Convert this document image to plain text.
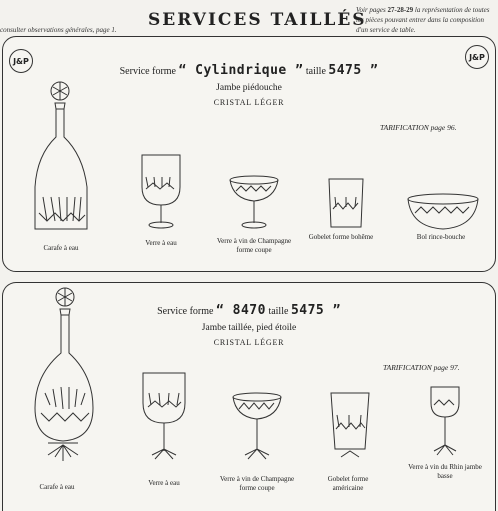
consulter observations générales, page 1. SERVICES TAILLÉS
Voir pages 27-28-29 la représentation de toutes les pièces pouvant entrer dans la composition d'un service de table.
J&P	J&P
Service forme “ Cylindrique ” taille 5475 ”
Jambe piédouche
CRISTAL LÉGER
TARIFICATION page 96.
Carafe à eau
Verre à eau	Verre à vin de Champagne forme coupe
Gobelet forme bohême	Bol rince-bouche
Service forme “ 8470 taille 5475 ”
Jambe taillée, pied étoile
CRISTAL LÉGER
TARIFICATION page 97.
Carafe à eau	Verre à eau	Verre à vin de Champagne forme coupe
Gobelet forme américaine
Verre à vin du Rhin jambe basse
